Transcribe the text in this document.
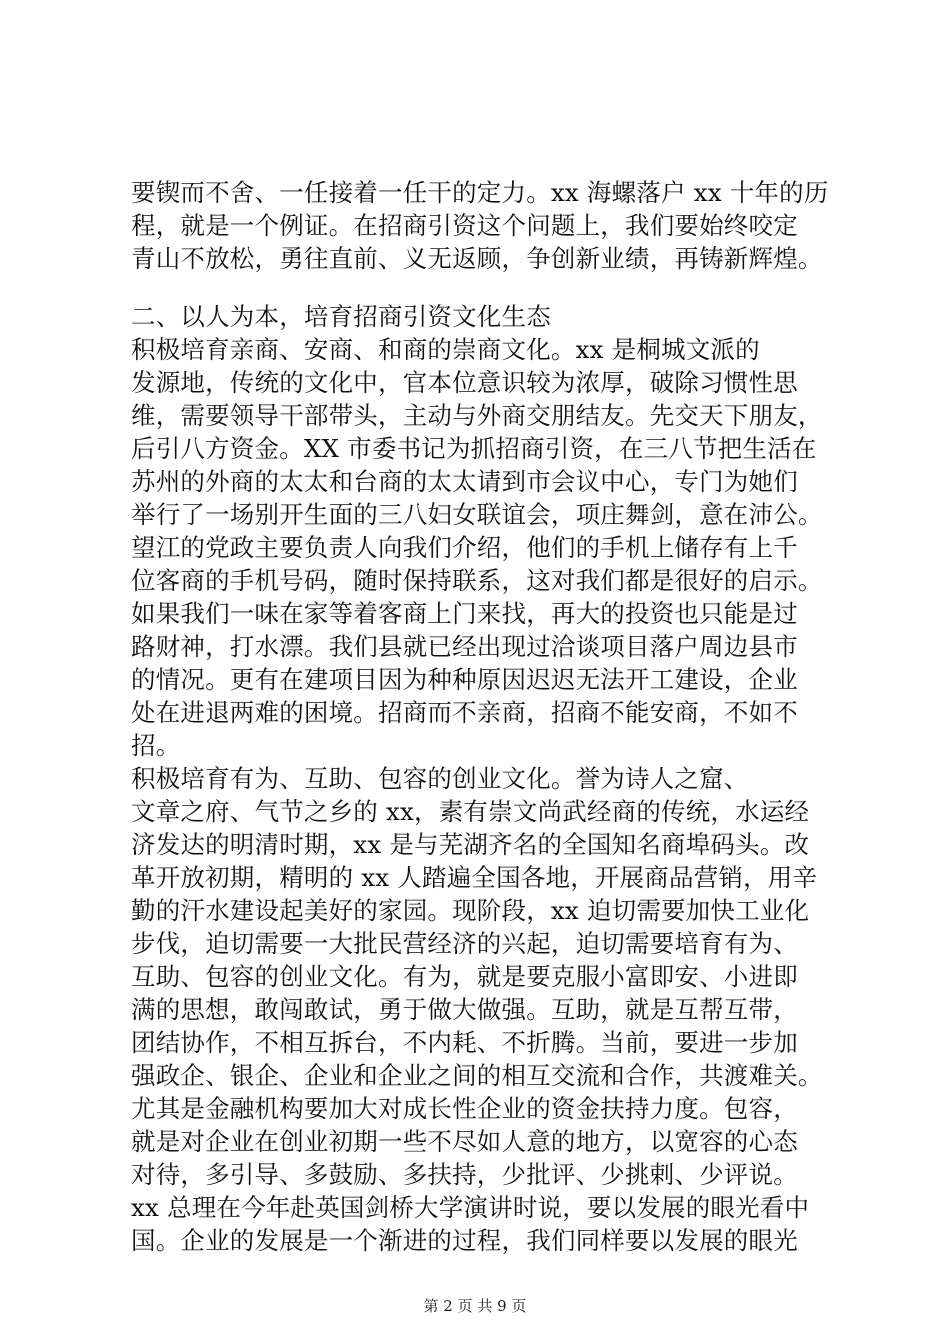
要锲而不舍、一任接着一任干的定力。xx 海螺落户 xx 十年的历
程，就是一个例证。在招商引资这个问题上，我们要始终咬定
青山不放松，勇往直前、义无返顾，争创新业绩，再铸新辉煌。
二、以人为本，培育招商引资文化生态
积极培育亲商、安商、和商的崇商文化。xx 是桐城文派的
发源地，传统的文化中，官本位意识较为浓厚，破除习惯性思
维，需要领导干部带头，主动与外商交朋结友。先交天下朋友，
后引八方资金。XX 市委书记为抓招商引资，在三八节把生活在
苏州的外商的太太和台商的太太请到市会议中心，专门为她们
举行了一场别开生面的三八妇女联谊会，项庄舞剑，意在沛公。
望江的党政主要负责人向我们介绍，他们的手机上储存有上千
位客商的手机号码，随时保持联系，这对我们都是很好的启示。
如果我们一味在家等着客商上门来找，再大的投资也只能是过
路财神，打水漂。我们县就已经出现过洽谈项目落户周边县市
的情况。更有在建项目因为种种原因迟迟无法开工建设，企业
处在进退两难的困境。招商而不亲商，招商不能安商，不如不
招。
积极培育有为、互助、包容的创业文化。誉为诗人之窟、
文章之府、气节之乡的 xx，素有崇文尚武经商的传统，水运经
济发达的明清时期，xx 是与芜湖齐名的全国知名商埠码头。改
革开放初期，精明的 xx 人踏遍全国各地，开展商品营销，用辛
勤的汗水建设起美好的家园。现阶段，xx 迫切需要加快工业化
步伐，迫切需要一大批民营经济的兴起，迫切需要培育有为、
互助、包容的创业文化。有为，就是要克服小富即安、小进即
满的思想，敢闯敢试，勇于做大做强。互助，就是互帮互带，
团结协作，不相互拆台，不内耗、不折腾。当前，要进一步加
强政企、银企、企业和企业之间的相互交流和合作，共渡难关。
尤其是金融机构要加大对成长性企业的资金扶持力度。包容，
就是对企业在创业初期一些不尽如人意的地方，以宽容的心态
对待，多引导、多鼓励、多扶持，少批评、少挑剌、少评说。
xx 总理在今年赴英国剑桥大学演讲时说，要以发展的眼光看中
国。企业的发展是一个渐进的过程，我们同样要以发展的眼光
第 2 页 共 9 页
